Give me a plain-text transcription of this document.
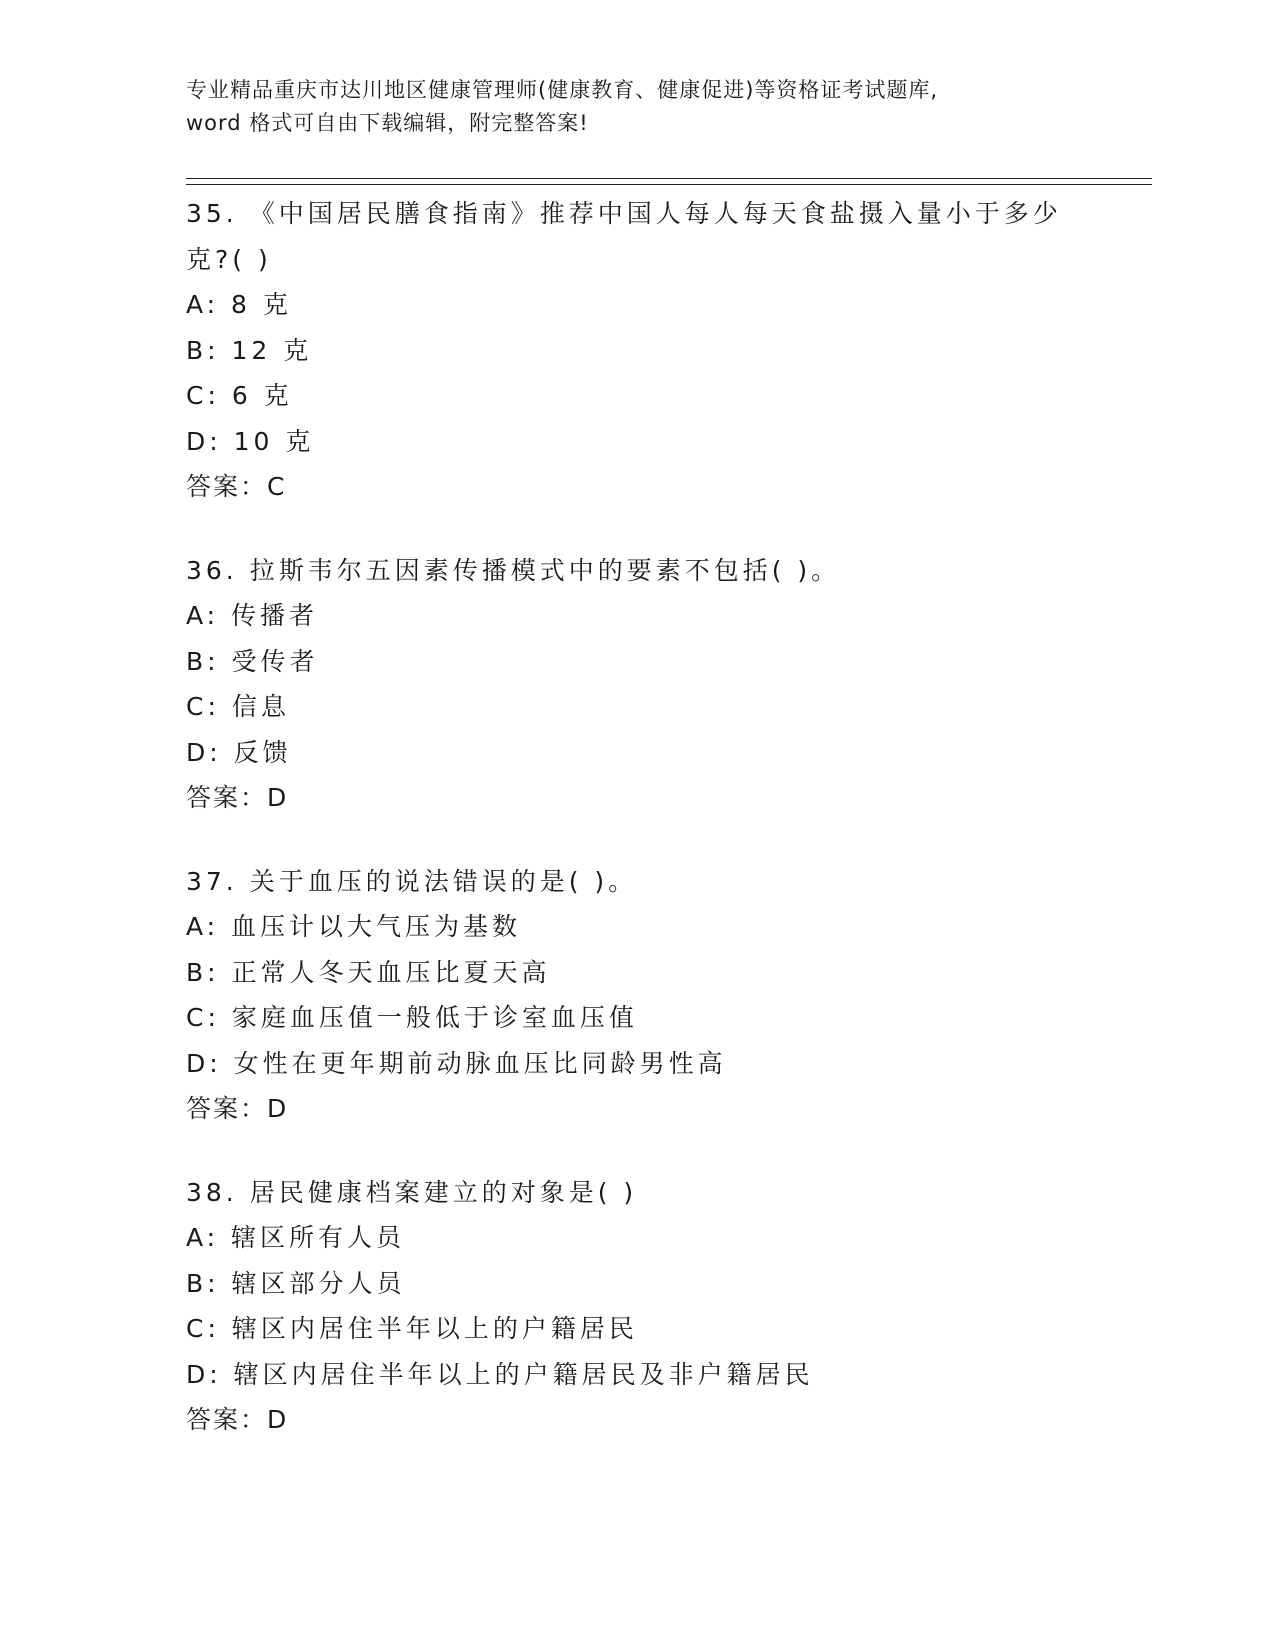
专业精品重庆市达川地区健康管理师(健康教育、健康促进)等资格证考试题库,
word 格式可自由下载编辑，附完整答案!
35. 《中国居民膳食指南》推荐中国人每人每天食盐摄入量小于多少克?( )
A: 8 克
B: 12 克
C: 6 克
D: 10 克
答案：C
36. 拉斯韦尔五因素传播模式中的要素不包括( )。
A: 传播者
B: 受传者
C: 信息
D: 反馈
答案：D
37. 关于血压的说法错误的是( )。
A: 血压计以大气压为基数
B: 正常人冬天血压比夏天高
C: 家庭血压值一般低于诊室血压值
D: 女性在更年期前动脉血压比同龄男性高
答案：D
38. 居民健康档案建立的对象是( )
A: 辖区所有人员
B: 辖区部分人员
C: 辖区内居住半年以上的户籍居民
D: 辖区内居住半年以上的户籍居民及非户籍居民
答案：D
